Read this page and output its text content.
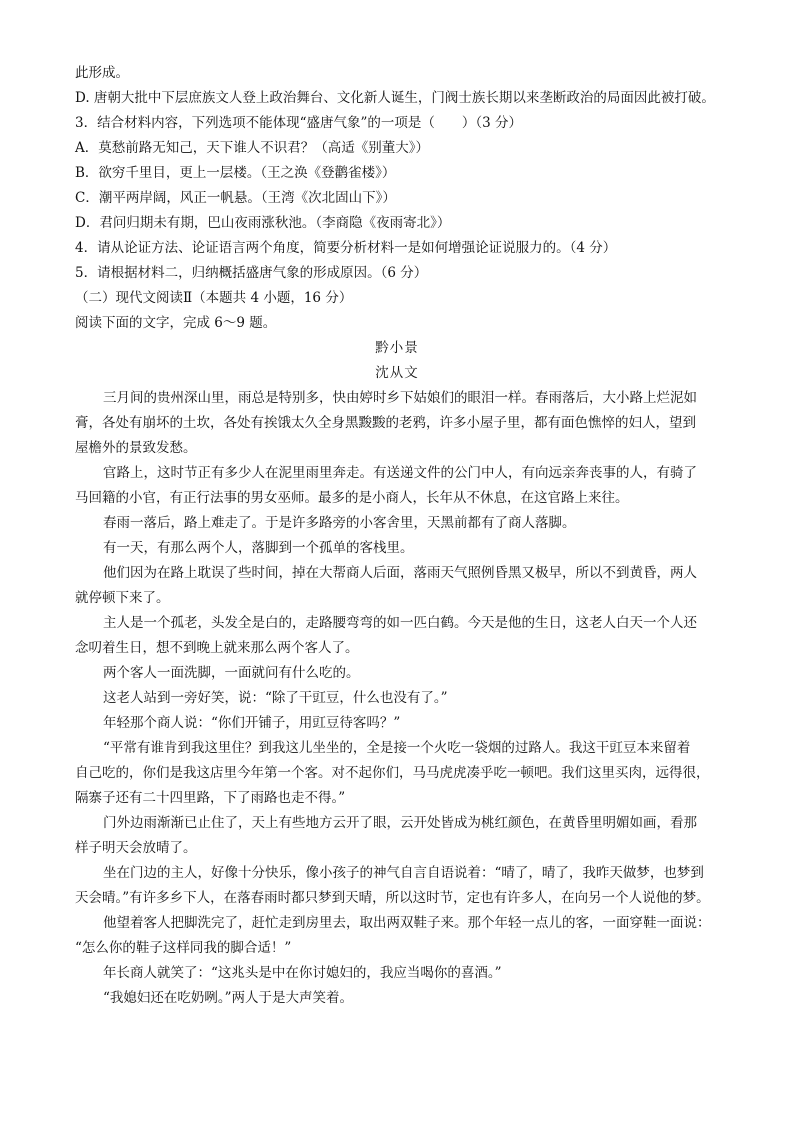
此形成。
D. 唐朝大批中下层庶族文人登上政治舞台、文化新人诞生，门阀士族长期以来垄断政治的局面因此被打破。
3．结合材料内容，下列选项不能体现“盛唐气象”的一项是（　　）（3 分）
A．莫愁前路无知己，天下谁人不识君？（高适《别董大》）
B．欲穷千里目，更上一层楼。（王之涣《登鹳雀楼》）
C．潮平两岸阔，风正一帆悬。（王湾《次北固山下》）
D．君问归期未有期，巴山夜雨涨秋池。（李商隐《夜雨寄北》）
4．请从论证方法、论证语言两个角度，简要分析材料一是如何增强论证说服力的。（4 分）
5．请根据材料二，归纳概括盛唐气象的形成原因。（6 分）
（二）现代文阅读Ⅱ（本题共 4 小题，16 分）
阅读下面的文字，完成 6～9 题。
黔小景
沈从文
三月间的贵州深山里，雨总是特别多，快由婷时乡下姑娘们的眼泪一样。春雨落后，大小路上烂泥如
膏，各处有崩坏的土坎，各处有挨饿太久全身黑黢黢的老鸦，许多小屋子里，都有面色憔悴的妇人，望到
屋檐外的景致发愁。
官路上，这时节正有多少人在泥里雨里奔走。有送递文件的公门中人，有向远亲奔丧事的人，有骑了
马回籍的小官，有正行法事的男女巫师。最多的是小商人，长年从不休息，在这官路上来往。
春雨一落后，路上难走了。于是许多路旁的小客舍里，天黑前都有了商人落脚。
有一天，有那么两个人，落脚到一个孤单的客栈里。
他们因为在路上耽误了些时间，掉在大帮商人后面，落雨天气照例昏黑又极早，所以不到黄昏，两人
就停顿下来了。
主人是一个孤老，头发全是白的，走路腰弯弯的如一匹白鹤。今天是他的生日，这老人白天一个人还
念叨着生日，想不到晚上就来那么两个客人了。
两个客人一面洗脚，一面就问有什么吃的。
这老人站到一旁好笑，说：“除了干豇豆，什么也没有了。”
年轻那个商人说：“你们开铺子，用豇豆待客吗？”
“平常有谁肯到我这里住？到我这儿坐坐的，全是接一个火吃一袋烟的过路人。我这干豇豆本来留着
自己吃的，你们是我这店里今年第一个客。对不起你们，马马虎虎凑乎吃一顿吧。我们这里买肉，远得很，
隔寨子还有二十四里路，下了雨路也走不得。”
门外边雨渐渐已止住了，天上有些地方云开了眼，云开处皆成为桃红颜色，在黄昏里明媚如画，看那
样子明天会放晴了。
坐在门边的主人，好像十分快乐，像小孩子的神气自言自语说着：“晴了，晴了，我昨天做梦，也梦到
天会晴。”有许多乡下人，在落春雨时都只梦到天晴，所以这时节，定也有许多人，在向另一个人说他的梦。
他望着客人把脚洗完了，赶忙走到房里去，取出两双鞋子来。那个年轻一点儿的客，一面穿鞋一面说：
“怎么你的鞋子这样同我的脚合适！”
年长商人就笑了：“这兆头是中在你讨媳妇的，我应当喝你的喜酒。”
“我媳妇还在吃奶咧。”两人于是大声笑着。
